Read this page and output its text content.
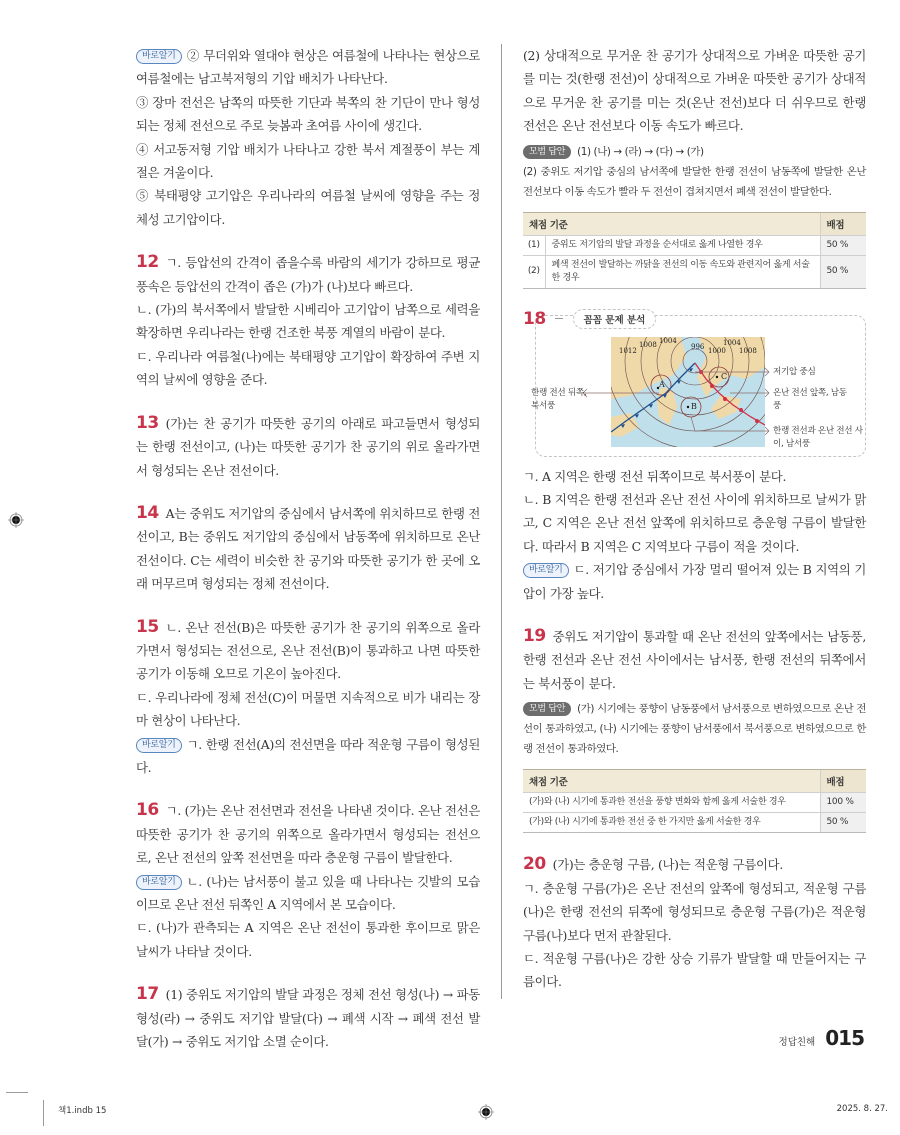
바로알기 ② 무더위와 열대야 현상은 여름철에 나타나는 현상으로 여름철에는 남고북저형의 기압 배치가 나타난다.

③ 장마 전선은 남쪽의 따뜻한 기단과 북쪽의 찬 기단이 만나 형성되는 정체 전선으로 주로 늦봄과 초여름 사이에 생긴다.

④ 서고동저형 기압 배치가 나타나고 강한 북서 계절풍이 부는 계절은 겨울이다.

⑤ 북태평양 고기압은 우리나라의 여름철 날씨에 영향을 주는 정체성 고기압이다.

12 ㄱ. 등압선의 간격이 좁을수록 바람의 세기가 강하므로 평균 풍속은 등압선의 간격이 좁은 (가)가 (나)보다 빠르다.

ㄴ. (가)의 북서쪽에서 발달한 시베리아 고기압이 남쪽으로 세력을 확장하면 우리나라는 한랭 건조한 북풍 계열의 바람이 분다.

ㄷ. 우리나라 여름철(나)에는 북태평양 고기압이 확장하여 주변 지역의 날씨에 영향을 준다.

13 (가)는 찬 공기가 따뜻한 공기의 아래로 파고들면서 형성되는 한랭 전선이고, (나)는 따뜻한 공기가 찬 공기의 위로 올라가면서 형성되는 온난 전선이다.

14 A는 중위도 저기압의 중심에서 남서쪽에 위치하므로 한랭 전선이고, B는 중위도 저기압의 중심에서 남동쪽에 위치하므로 온난 전선이다. C는 세력이 비슷한 찬 공기와 따뜻한 공기가 한 곳에 오래 머무르며 형성되는 정체 전선이다.

15 ㄴ. 온난 전선(B)은 따뜻한 공기가 찬 공기의 위쪽으로 올라가면서 형성되는 전선으로, 온난 전선(B)이 통과하고 나면 따뜻한 공기가 이동해 오므로 기온이 높아진다.

ㄷ. 우리나라에 정체 전선(C)이 머물면 지속적으로 비가 내리는 장마 현상이 나타난다.

바로알기 ㄱ. 한랭 전선(A)의 전선면을 따라 적운형 구름이 형성된다.

16 ㄱ. (가)는 온난 전선면과 전선을 나타낸 것이다. 온난 전선은 따뜻한 공기가 찬 공기의 위쪽으로 올라가면서 형성되는 전선으로, 온난 전선의 앞쪽 전선면을 따라 층운형 구름이 발달한다.

바로알기 ㄴ. (나)는 남서풍이 불고 있을 때 나타나는 깃발의 모습이므로 온난 전선 뒤쪽인 A 지역에서 본 모습이다.

ㄷ. (나)가 관측되는 A 지역은 온난 전선이 통과한 후이므로 맑은 날씨가 나타날 것이다.

17 (1) 중위도 저기압의 발달 과정은 정체 전선 형성(나) → 파동 형성(라) → 중위도 저기압 발달(다) → 폐색 시작 → 폐색 전선 발달(가) → 중위도 저기압 소멸 순이다.

(2) 상대적으로 무거운 찬 공기가 상대적으로 가벼운 따뜻한 공기를 미는 것(한랭 전선)이 상대적으로 가벼운 따뜻한 공기가 상대적으로 무거운 찬 공기를 미는 것(온난 전선)보다 더 쉬우므로 한랭 전선은 온난 전선보다 이동 속도가 빠르다.

모범 답안 (1) (나) → (라) → (다) → (가)

(2) 중위도 저기압 중심의 남서쪽에 발달한 한랭 전선이 남동쪽에 발달한 온난 전선보다 이동 속도가 빨라 두 전선이 겹쳐지면서 폐색 전선이 발달한다.

채점 기준		배점
(1)	중위도 저기압의 발달 과정을 순서대로 옳게 나열한 경우	50 %
(2)	폐색 전선이 발달하는 까닭을 전선의 이동 속도와 관련지어 옳게 서술한 경우	50 %
18	꼼꼼 문제 분석
1012
1008 1004
996 1000
1004
1008
A
B
C
한랭 전선 뒤쪽, 북서풍
저기압 중심
온난 전선 앞쪽, 남동풍
한랭 전선과 온난 전선 사이, 남서풍

ㄱ. A 지역은 한랭 전선 뒤쪽이므로 북서풍이 분다.

ㄴ. B 지역은 한랭 전선과 온난 전선 사이에 위치하므로 날씨가 맑고, C 지역은 온난 전선 앞쪽에 위치하므로 층운형 구름이 발달한다. 따라서 B 지역은 C 지역보다 구름이 적을 것이다.

바로알기 ㄷ. 저기압 중심에서 가장 멀리 떨어져 있는 B 지역의 기압이 가장 높다.

19 중위도 저기압이 통과할 때 온난 전선의 앞쪽에서는 남동풍, 한랭 전선과 온난 전선 사이에서는 남서풍, 한랭 전선의 뒤쪽에서는 북서풍이 분다.

모범 답안 (가) 시기에는 풍향이 남동풍에서 남서풍으로 변하였으므로 온난 전선이 통과하였고, (나) 시기에는 풍향이 남서풍에서 북서풍으로 변하였으므로 한랭 전선이 통과하였다.

채점 기준	배점
(가)와 (나) 시기에 통과한 전선을 풍향 변화와 함께 옳게 서술한 경우	100 %
(가)와 (나) 시기에 통과한 전선 중 한 가지만 옳게 서술한 경우	50 %

20 (가)는 층운형 구름, (나)는 적운형 구름이다.

ㄱ. 층운형 구름(가)은 온난 전선의 앞쪽에 형성되고, 적운형 구름(나)은 한랭 전선의 뒤쪽에 형성되므로 층운형 구름(가)은 적운형 구름(나)보다 먼저 관찰된다.

ㄷ. 적운형 구름(나)은 강한 상승 기류가 발달할 때 만들어지는 구름이다.

정답친해 015
책1.indb 15	2025. 8. 27.
